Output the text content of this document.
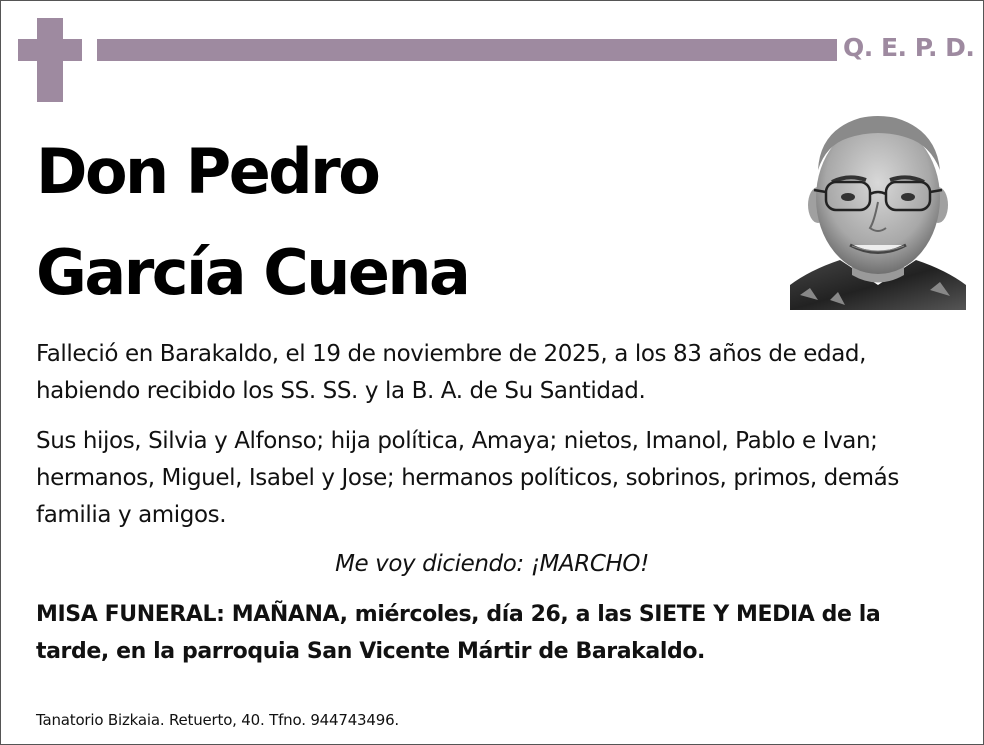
Q. E. P. D.
Don Pedro
García Cuena

Falleció en Barakaldo, el 19 de noviembre de 2025, a los 83 años de edad, habiendo recibido los SS. SS. y la B. A. de Su Santidad.

Sus hijos, Silvia y Alfonso; hija política, Amaya; nietos, Imanol, Pablo e Ivan; hermanos, Miguel, Isabel y Jose; hermanos políticos, sobrinos, primos, demás familia y amigos.

Me voy diciendo: ¡MARCHO!

MISA FUNERAL: MAÑANA, miércoles, día 26, a las SIETE Y MEDIA de la tarde, en la parroquia San Vicente Mártir de Barakaldo.

Tanatorio Bizkaia. Retuerto, 40. Tfno. 944743496.
